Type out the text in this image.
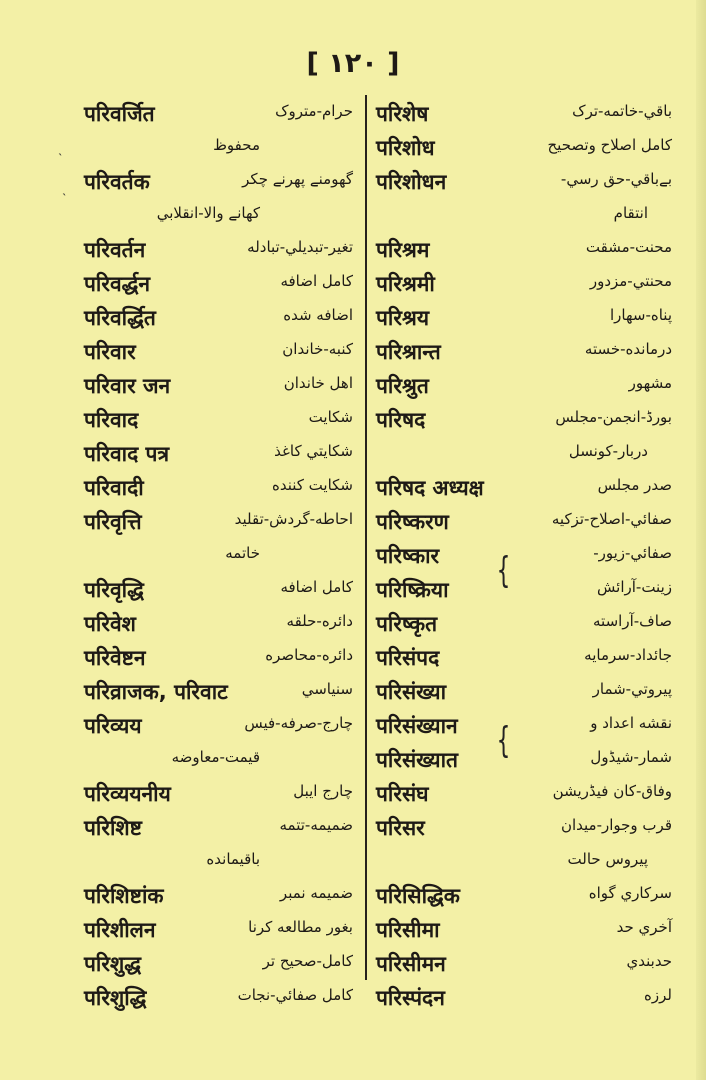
[ ۱۲۰ ]
परिवर्जित	حرام-متروک
محفوظ
परिवर्तक	گهومنے پهرنے چکر
کهانے والا-انقلابي
परिवर्तन	تغير-تبديلي-تبادله
परिवर्द्धन	کامل اضافه
परिवर्द्धित	اضافه شده
परिवार	کنبه-خاندان
परिवार जन	اهل خاندان
परिवाद	شکايت
परिवाद पत्र	شکايتي کاغذ
परिवादी	شکايت کننده
परिवृत्ति	احاطه-گردش-تقليد
خاتمه
परिवृद्धि	کامل اضافه
परिवेश	دائره-حلقه
परिवेष्टन	دائره-محاصره
परिव्राजक, परिवाट	سنياسي
परिव्यय	چارج-صرفه-فيس
قيمت-معاوضه
परिव्ययनीय	چارج ايبل
परिशिष्ट	ضميمه-تتمه
باقيمانده
परिशिष्टांक	ضميمه نمبر
परिशीलन	بغور مطالعه کرنا
परिशुद्ध	کامل-صحيح تر
परिशुद्धि	کامل صفائي-نجات
परिशेष	باقي-خاتمه-ترک
परिशोध	کامل اصلاح وتصحيح
परिशोधन	بےباقي-حق رسي-
انتقام
परिश्रम	محنت-مشقت
परिश्रमी	محنتي-مزدور
परिश्रय	پناه-سهارا
परिश्रान्त	درمانده-خسته
परिश्रुत	مشهور
परिषद	بورڈ-انجمن-مجلس
دربار-کونسل
परिषद अध्यक्ष	صدر مجلس
परिष्करण	صفائي-اصلاح-تزکيه
परिष्कार	صفائي-زيور-
{
परिष्क्रिया	زينت-آرائش
परिष्कृत	صاف-آراسته
परिसंपद	جائداد-سرمايه
परिसंख्या	پيروتي-شمار
परिसंख्यान	نقشه اعداد و
{
परिसंख्यात	شمار-شيڈول
परिसंघ	وفاق-کان فيڈريشن
परिसर	قرب وجوار-ميدان
پيروس حالت
परिसिद्धिक	سرکاري گواه
परिसीमा	آخري حد
परिसीमन	حدبندي
परिस्पंदन	لرزه
˴
˴
